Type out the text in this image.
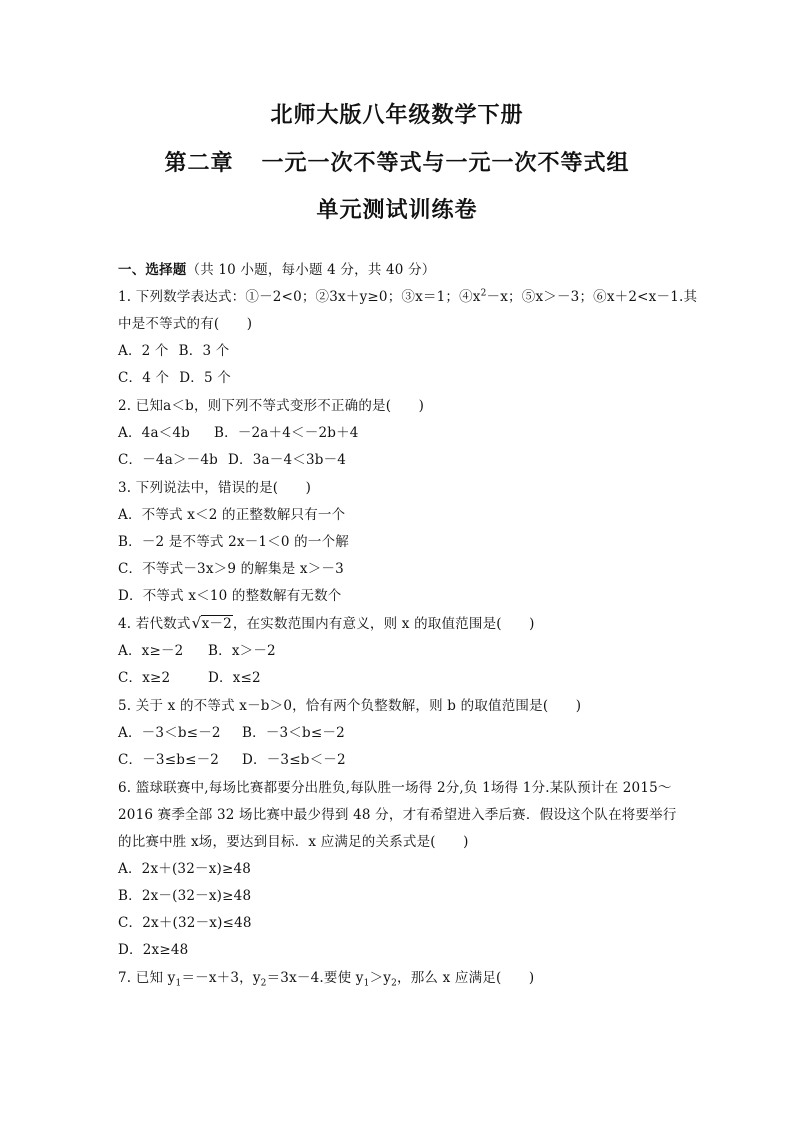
北师大版八年级数学下册
第二章 一元一次不等式与一元一次不等式组
单元测试训练卷
一、选择题（共 10 小题，每小题 4 分，共 40 分）
1. 下列数学表达式：①－2<0；②3x＋y≥0；③x＝1；$④x^2-x$；⑤x＞－3；⑥x＋2<x－1.其
中是不等式的有(　　)
A．2 个 B．3 个
C．4 个 D．5 个
2. 已知a＜b，则下列不等式变形不正确的是(　　)
A．4a＜4b B．－2a＋4＜－2b＋4
C．－4a＞－4b D．3a－4＜3b－4
3. 下列说法中，错误的是(　　)
A．不等式 x＜2 的正整数解只有一个
B．－2 是不等式 2x－1＜0 的一个解
C．不等式－3x＞9 的解集是 x＞－3
D．不等式 x＜10 的整数解有无数个
4. 若代数式 √ x－2，在实数范围内有意义，则 x 的取值范围是(　　)
A．x≥－2 B．x＞－2
C．x≥2	D．x≤2
5. 关于 x 的不等式 x－b＞0，恰有两个负整数解，则 b 的取值范围是(　　)
A．－3＜b≤－2 B．－3＜b≤－2
C．－3≤b≤－2 D．－3≤b＜－2
6. 篮球联赛中,每场比赛都要分出胜负,每队胜一场得 2分,负 1场得 1分.某队预计在 2015～
2016 赛季全部 32 场比赛中最少得到 48 分，才有希望进入季后赛．假设这个队在将要举行
的比赛中胜 x场，要达到目标．x 应满足的关系式是(　　)
A．2x＋(32－x)≥48
B．2x－(32－x)≥48
C．2x＋(32－x)≤48
D．2x≥48
7. 已知 $y_1=-x+3$，$y_2=3x-4$.要使 $y_1>y_2$，那么 x 应满足(　　)
